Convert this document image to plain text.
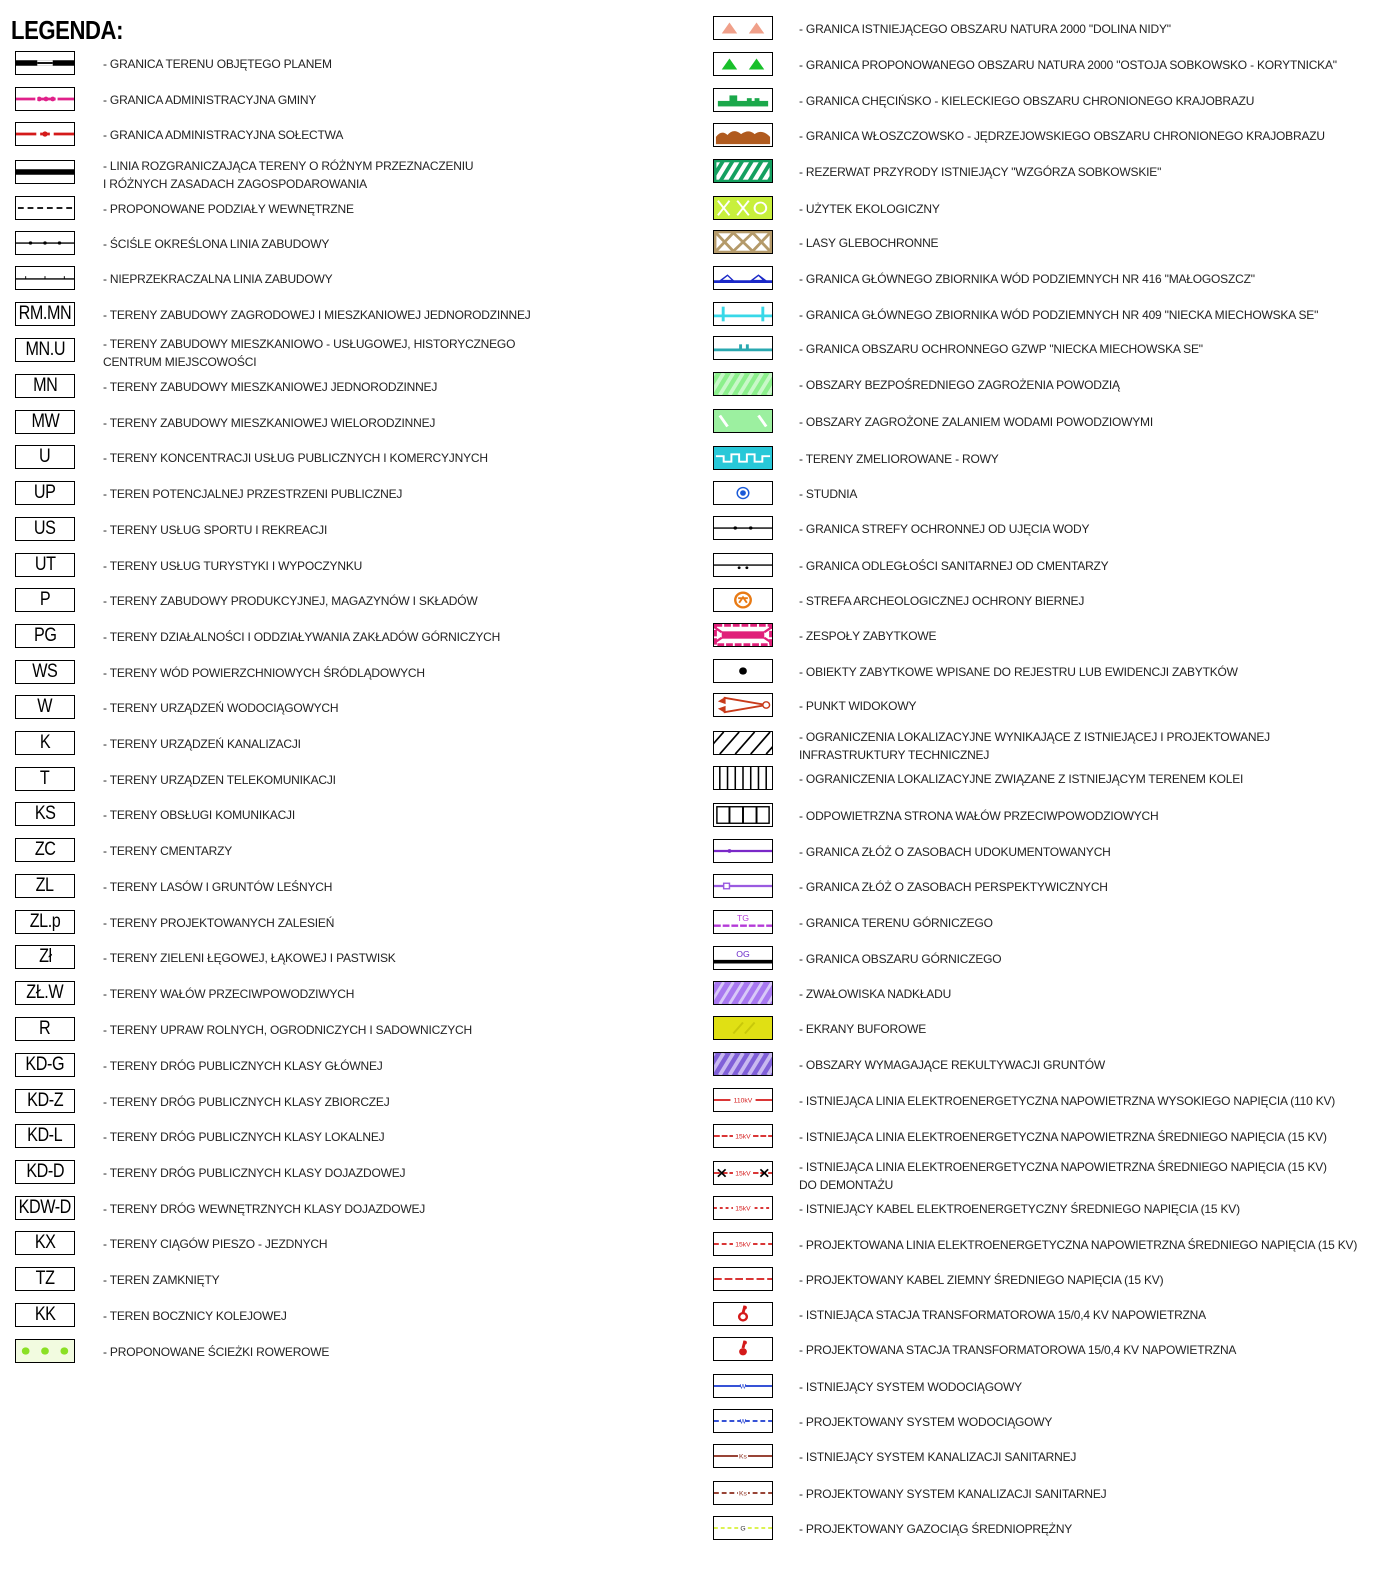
LEGENDA:
- GRANICA TERENU OBJĘTEGO PLANEM
- GRANICA ADMINISTRACYJNA GMINY
- GRANICA ADMINISTRACYJNA SOŁECTWA
- LINIA ROZGRANICZAJĄCA TERENY O RÓŻNYM PRZEZNACZENIU
I RÓŻNYCH ZASADACH ZAGOSPODAROWANIA
- PROPONOWANE PODZIAŁY WEWNĘTRZNE
- ŚCIŚLE OKREŚLONA LINIA ZABUDOWY
- NIEPRZEKRACZALNA LINIA ZABUDOWY
RM.MN	- TERENY ZABUDOWY ZAGRODOWEJ I MIESZKANIOWEJ JEDNORODZINNEJ
MN.U	- TERENY ZABUDOWY MIESZKANIOWO - USŁUGOWEJ, HISTORYCZNEGO
CENTRUM MIEJSCOWOŚCI
MN	- TERENY ZABUDOWY MIESZKANIOWEJ JEDNORODZINNEJ
MW	- TERENY ZABUDOWY MIESZKANIOWEJ WIELORODZINNEJ
U	- TERENY KONCENTRACJI USŁUG PUBLICZNYCH I KOMERCYJNYCH
UP	- TEREN POTENCJALNEJ PRZESTRZENI PUBLICZNEJ
US	- TERENY USŁUG SPORTU I REKREACJI
UT	- TERENY USŁUG TURYSTYKI I WYPOCZYNKU
P	- TERENY ZABUDOWY PRODUKCYJNEJ, MAGAZYNÓW I SKŁADÓW
PG	- TERENY DZIAŁALNOŚCI I ODDZIAŁYWANIA ZAKŁADÓW GÓRNICZYCH
WS	- TERENY WÓD POWIERZCHNIOWYCH ŚRÓDLĄDOWYCH
W	- TERENY URZĄDZEŃ WODOCIĄGOWYCH
K	- TERENY URZĄDZEŃ KANALIZACJI
T	- TERENY URZĄDZEN TELEKOMUNIKACJI
KS	- TERENY OBSŁUGI KOMUNIKACJI
ZC	- TERENY CMENTARZY
ZL	- TERENY LASÓW I GRUNTÓW LEŚNYCH
ZL.p	- TERENY PROJEKTOWANYCH ZALESIEŃ
Zł	- TERENY ZIELENI ŁĘGOWEJ, ŁĄKOWEJ I PASTWISK
ZŁ.W	- TERENY WAŁÓW PRZECIWPOWODZIWYCH
R	- TERENY UPRAW ROLNYCH, OGRODNICZYCH I SADOWNICZYCH
KD-G	- TERENY DRÓG PUBLICZNYCH KLASY GŁÓWNEJ
KD-Z	- TERENY DRÓG PUBLICZNYCH KLASY ZBIORCZEJ
KD-L	- TERENY DRÓG PUBLICZNYCH KLASY LOKALNEJ
KD-D	- TERENY DRÓG PUBLICZNYCH KLASY DOJAZDOWEJ
KDW-D	- TERENY DRÓG WEWNĘTRZNYCH KLASY DOJAZDOWEJ
KX	- TERENY CIĄGÓW PIESZO - JEZDNYCH
TZ	- TEREN ZAMKNIĘTY
KK	- TEREN BOCZNICY KOLEJOWEJ
- PROPONOWANE ŚCIEŻKI ROWEROWE
- GRANICA ISTNIEJĄCEGO OBSZARU NATURA 2000 "DOLINA NIDY"
- GRANICA PROPONOWANEGO OBSZARU NATURA 2000 "OSTOJA SOBKOWSKO - KORYTNICKA"
- GRANICA CHĘCIŃSKO - KIELECKIEGO OBSZARU CHRONIONEGO KRAJOBRAZU
- GRANICA WŁOSZCZOWSKO - JĘDRZEJOWSKIEGO OBSZARU CHRONIONEGO KRAJOBRAZU
- REZERWAT PRZYRODY ISTNIEJĄCY "WZGÓRZA SOBKOWSKIE"
- UŻYTEK EKOLOGICZNY
- LASY GLEBOCHRONNE
- GRANICA GŁÓWNEGO ZBIORNIKA WÓD PODZIEMNYCH NR 416 "MAŁOGOSZCZ"
- GRANICA GŁÓWNEGO ZBIORNIKA WÓD PODZIEMNYCH NR 409 "NIECKA MIECHOWSKA SE"
- GRANICA OBSZARU OCHRONNEGO GZWP "NIECKA MIECHOWSKA SE"
- OBSZARY BEZPOŚREDNIEGO ZAGROŻENIA POWODZIĄ
- OBSZARY ZAGROŻONE ZALANIEM WODAMI POWODZIOWYMI
- TERENY ZMELIOROWANE - ROWY
- STUDNIA
- GRANICA STREFY OCHRONNEJ OD UJĘCIA WODY
- GRANICA ODLEGŁOŚCI SANITARNEJ OD CMENTARZY
- STREFA ARCHEOLOGICZNEJ OCHRONY BIERNEJ
- ZESPOŁY ZABYTKOWE
- OBIEKTY ZABYTKOWE WPISANE DO REJESTRU LUB EWIDENCJI ZABYTKÓW
- PUNKT WIDOKOWY
- OGRANICZENIA LOKALIZACYJNE WYNIKAJĄCE Z ISTNIEJĄCEJ I PROJEKTOWANEJ
INFRASTRUKTURY TECHNICZNEJ
- OGRANICZENIA LOKALIZACYJNE ZWIĄZANE Z ISTNIEJĄCYM TERENEM KOLEI
- ODPOWIETRZNA STRONA WAŁÓW PRZECIWPOWODZIOWYCH
- GRANICA ZŁÓŻ O ZASOBACH UDOKUMENTOWANYCH
- GRANICA ZŁÓŻ O ZASOBACH PERSPEKTYWICZNYCH
TG	- GRANICA TERENU GÓRNICZEGO
OG	- GRANICA OBSZARU GÓRNICZEGO
- ZWAŁOWISKA NADKŁADU
- EKRANY BUFOROWE
- OBSZARY WYMAGAJĄCE REKULTYWACJI GRUNTÓW
110kV	- ISTNIEJĄCA LINIA ELEKTROENERGETYCZNA NAPOWIETRZNA WYSOKIEGO NAPIĘCIA (110 KV)
15kV	- ISTNIEJĄCA LINIA ELEKTROENERGETYCZNA NAPOWIETRZNA ŚREDNIEGO NAPIĘCIA (15 KV)
15kV	- ISTNIEJĄCA LINIA ELEKTROENERGETYCZNA NAPOWIETRZNA ŚREDNIEGO NAPIĘCIA (15 KV)
DO DEMONTAŻU
15kV	- ISTNIEJĄCY KABEL ELEKTROENERGETYCZNY ŚREDNIEGO NAPIĘCIA (15 KV)
15kV	- PROJEKTOWANA LINIA ELEKTROENERGETYCZNA NAPOWIETRZNA ŚREDNIEGO NAPIĘCIA (15 KV)
- PROJEKTOWANY KABEL ZIEMNY ŚREDNIEGO NAPIĘCIA (15 KV)
- ISTNIEJĄCA STACJA TRANSFORMATOROWA 15/0,4 KV NAPOWIETRZNA
- PROJEKTOWANA STACJA TRANSFORMATOROWA 15/0,4 KV NAPOWIETRZNA
W	- ISTNIEJĄCY SYSTEM WODOCIĄGOWY
W	- PROJEKTOWANY SYSTEM WODOCIĄGOWY
Ks	- ISTNIEJĄCY SYSTEM KANALIZACJI SANITARNEJ
Ks	- PROJEKTOWANY SYSTEM KANALIZACJI SANITARNEJ
G	- PROJEKTOWANY GAZOCIĄG ŚREDNIOPRĘŻNY
